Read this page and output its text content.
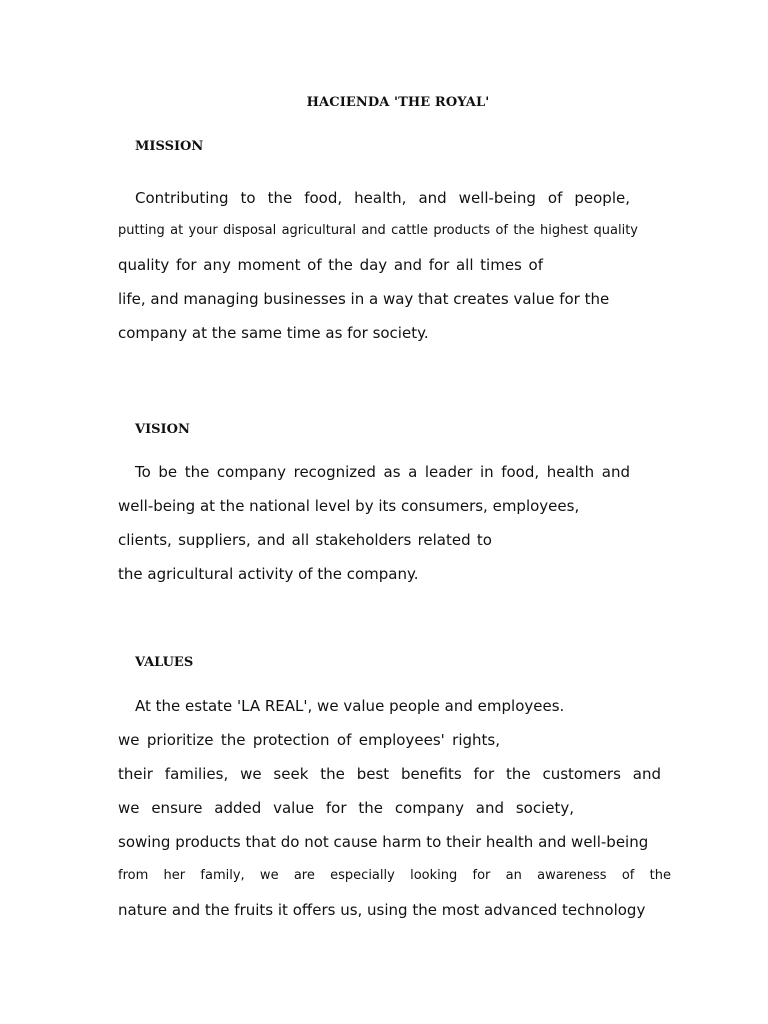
HACIENDA 'THE ROYAL'
MISSION
Contributing to the food, health, and well-being of people,
putting at your disposal agricultural and cattle products of the highest quality
quality for any moment of the day and for all times of
life, and managing businesses in a way that creates value for the
company at the same time as for society.
VISION
To be the company recognized as a leader in food, health and
well-being at the national level by its consumers, employees,
clients, suppliers, and all stakeholders related to
the agricultural activity of the company.
VALUES
At the estate 'LA REAL', we value people and employees.
we prioritize the protection of employees' rights,
their families, we seek the best benefits for the customers and
we ensure added value for the company and society,
sowing products that do not cause harm to their health and well-being
from her family, we are especially looking for an awareness of the
nature and the fruits it offers us, using the most advanced technology
